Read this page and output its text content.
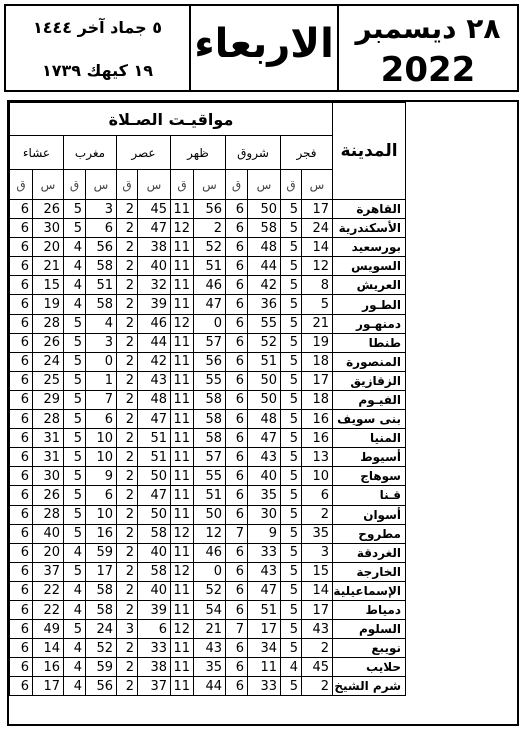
٥ جماد آخر ١٤٤٤
١٩ كيهك ١٧٣٩
الاربعاء ٢٨ ديسمبر
2022
مواقيـت الصـلاة												المدينة
عشاء		مغرب		عصر		ظهر		شروق		فجر		
ق	س	ق	س	ق	س	ق	س	ق	س	ق	س	
6	26	5	3	2	45	11	56	6	50	5	17	القاهرة
6	30	5	6	2	47	12	2	6	58	5	24	الأسكندرية
6	20	4	56	2	38	11	52	6	48	5	14	بورسعيد
6	21	4	58	2	40	11	51	6	44	5	12	السويس
6	15	4	51	2	32	11	46	6	42	5	8	العريش
6	19	4	58	2	39	11	47	6	36	5	5	الطـور
6	28	5	4	2	46	12	0	6	55	5	21	دمنهـور
6	26	5	3	2	44	11	57	6	52	5	19	طنطا
6	24	5	0	2	42	11	56	6	51	5	18	المنصورة
6	25	5	1	2	43	11	55	6	50	5	17	الزقازيق
6	29	5	7	2	48	11	58	6	50	5	18	الفيـوم
6	28	5	6	2	47	11	58	6	48	5	16	بنى سويف
6	31	5	10	2	51	11	58	6	47	5	16	المنيا
6	31	5	10	2	51	11	57	6	43	5	13	أسيوط
6	30	5	9	2	50	11	55	6	40	5	10	سوهاج
6	26	5	6	2	47	11	51	6	35	5	6	قـنا
6	28	5	10	2	50	11	50	6	30	5	2	أسوان
6	40	5	16	2	58	12	12	7	9	5	35	مطروح
6	20	4	59	2	40	11	46	6	33	5	3	الغردقة
6	37	5	17	2	58	12	0	6	43	5	15	الخارجة
6	22	4	58	2	40	11	52	6	47	5	14	الإسماعيلية
6	22	4	58	2	39	11	54	6	51	5	17	دمياط
6	49	5	24	3	6	12	21	7	17	5	43	السلوم
6	14	4	52	2	33	11	43	6	34	5	2	نويبع
6	16	4	59	2	38	11	35	6	11	4	45	حلايب
6	17	4	56	2	37	11	44	6	33	5	2	شرم الشيخ
